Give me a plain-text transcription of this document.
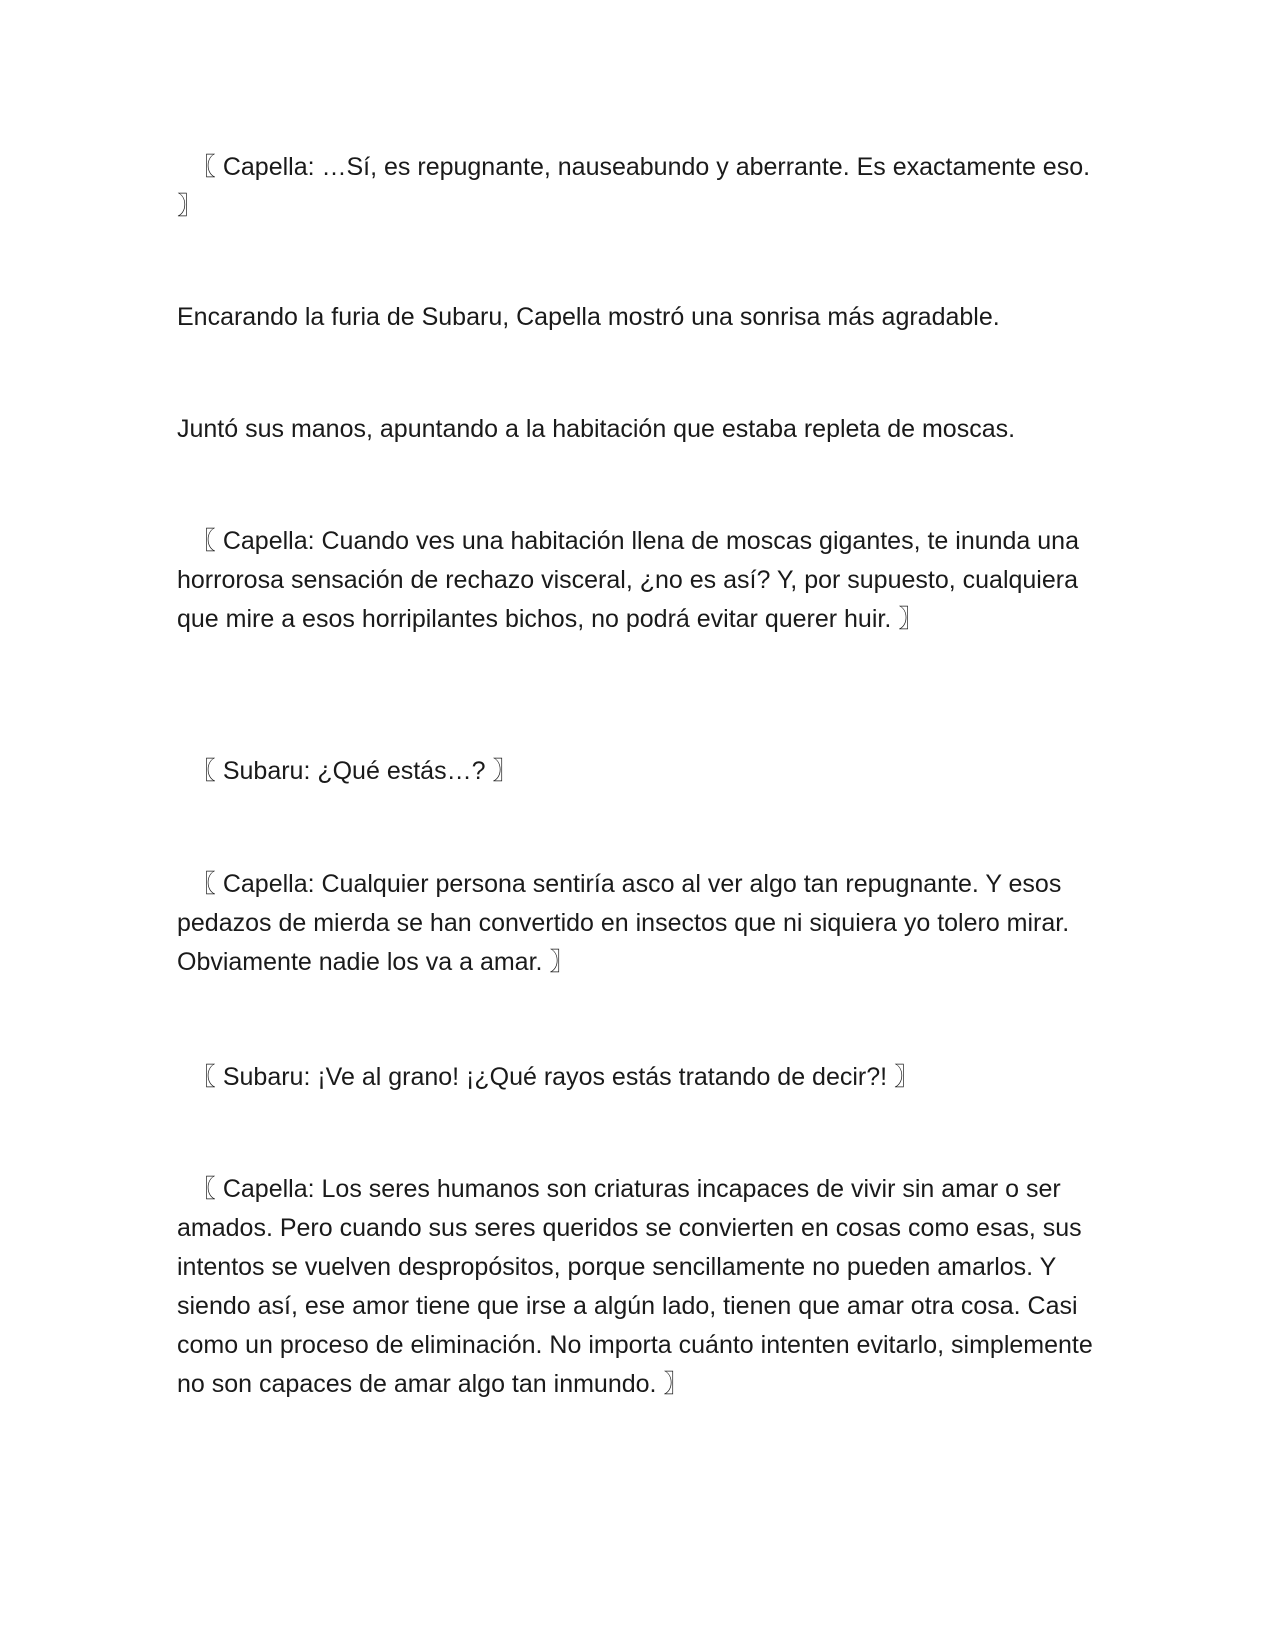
〖 Capella: …Sí, es repugnante, nauseabundo y aberrante. Es exactamente eso. 〗

Encarando la furia de Subaru, Capella mostró una sonrisa más agradable.

Juntó sus manos, apuntando a la habitación que estaba repleta de moscas.

〖 Capella: Cuando ves una habitación llena de moscas gigantes, te inunda una horrorosa sensación de rechazo visceral, ¿no es así? Y, por supuesto, cualquiera que mire a esos horripilantes bichos, no podrá evitar querer huir. 〗

〖 Subaru: ¿Qué estás…? 〗

〖 Capella: Cualquier persona sentiría asco al ver algo tan repugnante. Y esos pedazos de mierda se han convertido en insectos que ni siquiera yo tolero mirar. Obviamente nadie los va a amar. 〗

〖 Subaru: ¡Ve al grano! ¡¿Qué rayos estás tratando de decir?! 〗

〖 Capella: Los seres humanos son criaturas incapaces de vivir sin amar o ser amados. Pero cuando sus seres queridos se convierten en cosas como esas, sus intentos se vuelven despropósitos, porque sencillamente no pueden amarlos. Y siendo así, ese amor tiene que irse a algún lado, tienen que amar otra cosa. Casi como un proceso de eliminación. No importa cuánto intenten evitarlo, simplemente no son capaces de amar algo tan inmundo. 〗
